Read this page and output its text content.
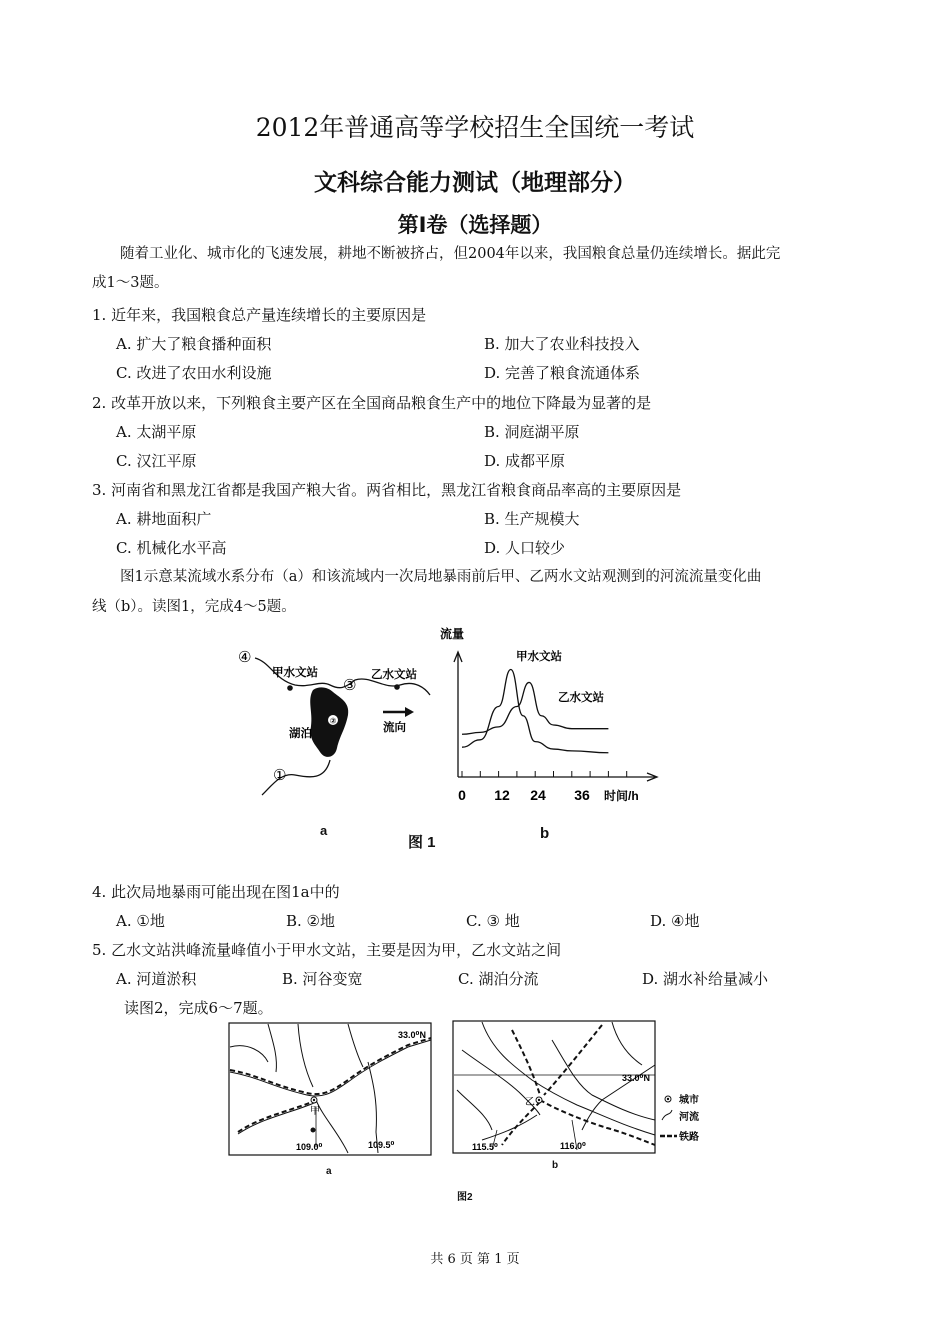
2012年普通高等学校招生全国统一考试
文科综合能力测试（地理部分）
第Ⅰ卷（选择题）
随着工业化、城市化的飞速发展，耕地不断被挤占，但2004年以来，我国粮食总量仍连续增长。据此完
成1～3题。
1. 近年来，我国粮食总产量连续增长的主要原因是
A. 扩大了粮食播种面积	B. 加大了农业科技投入
C. 改进了农田水利设施	D. 完善了粮食流通体系
2. 改革开放以来，下列粮食主要产区在全国商品粮食生产中的地位下降最为显著的是
A. 太湖平原	B. 洞庭湖平原
C. 汉江平原	D. 成都平原
3. 河南省和黑龙江省都是我国产粮大省。两省相比，黑龙江省粮食商品率高的主要原因是
A. 耕地面积广	B. 生产规模大
C. 机械化水平高	D. 人口较少
图1示意某流域水系分布（a）和该流域内一次局地暴雨前后甲、乙两水文站观测到的河流流量变化曲
线（b）。读图1，完成4～5题。
②
④
甲水文站
③
乙水文站
湖泊	流向
①
流量
甲水文站
乙水文站
0 12 24 36 时间/h
a	b
图 1
4. 此次局地暴雨可能出现在图1a中的
A. ①地	B. ②地	C. ③ 地	D. ④地
5. 乙水文站洪峰流量峰值小于甲水文站，主要是因为甲，乙水文站之间
A. 河道淤积	B. 河谷变宽	C. 湖泊分流	D. 湖水补给量减小
读图2，完成6～7题。
甲
33.0⁰N
109.0⁰	109.5⁰
a
乙
33.0⁰N
115.5⁰	116.0⁰
b
城市
河流
铁路
图2
共 6 页 第 1 页
